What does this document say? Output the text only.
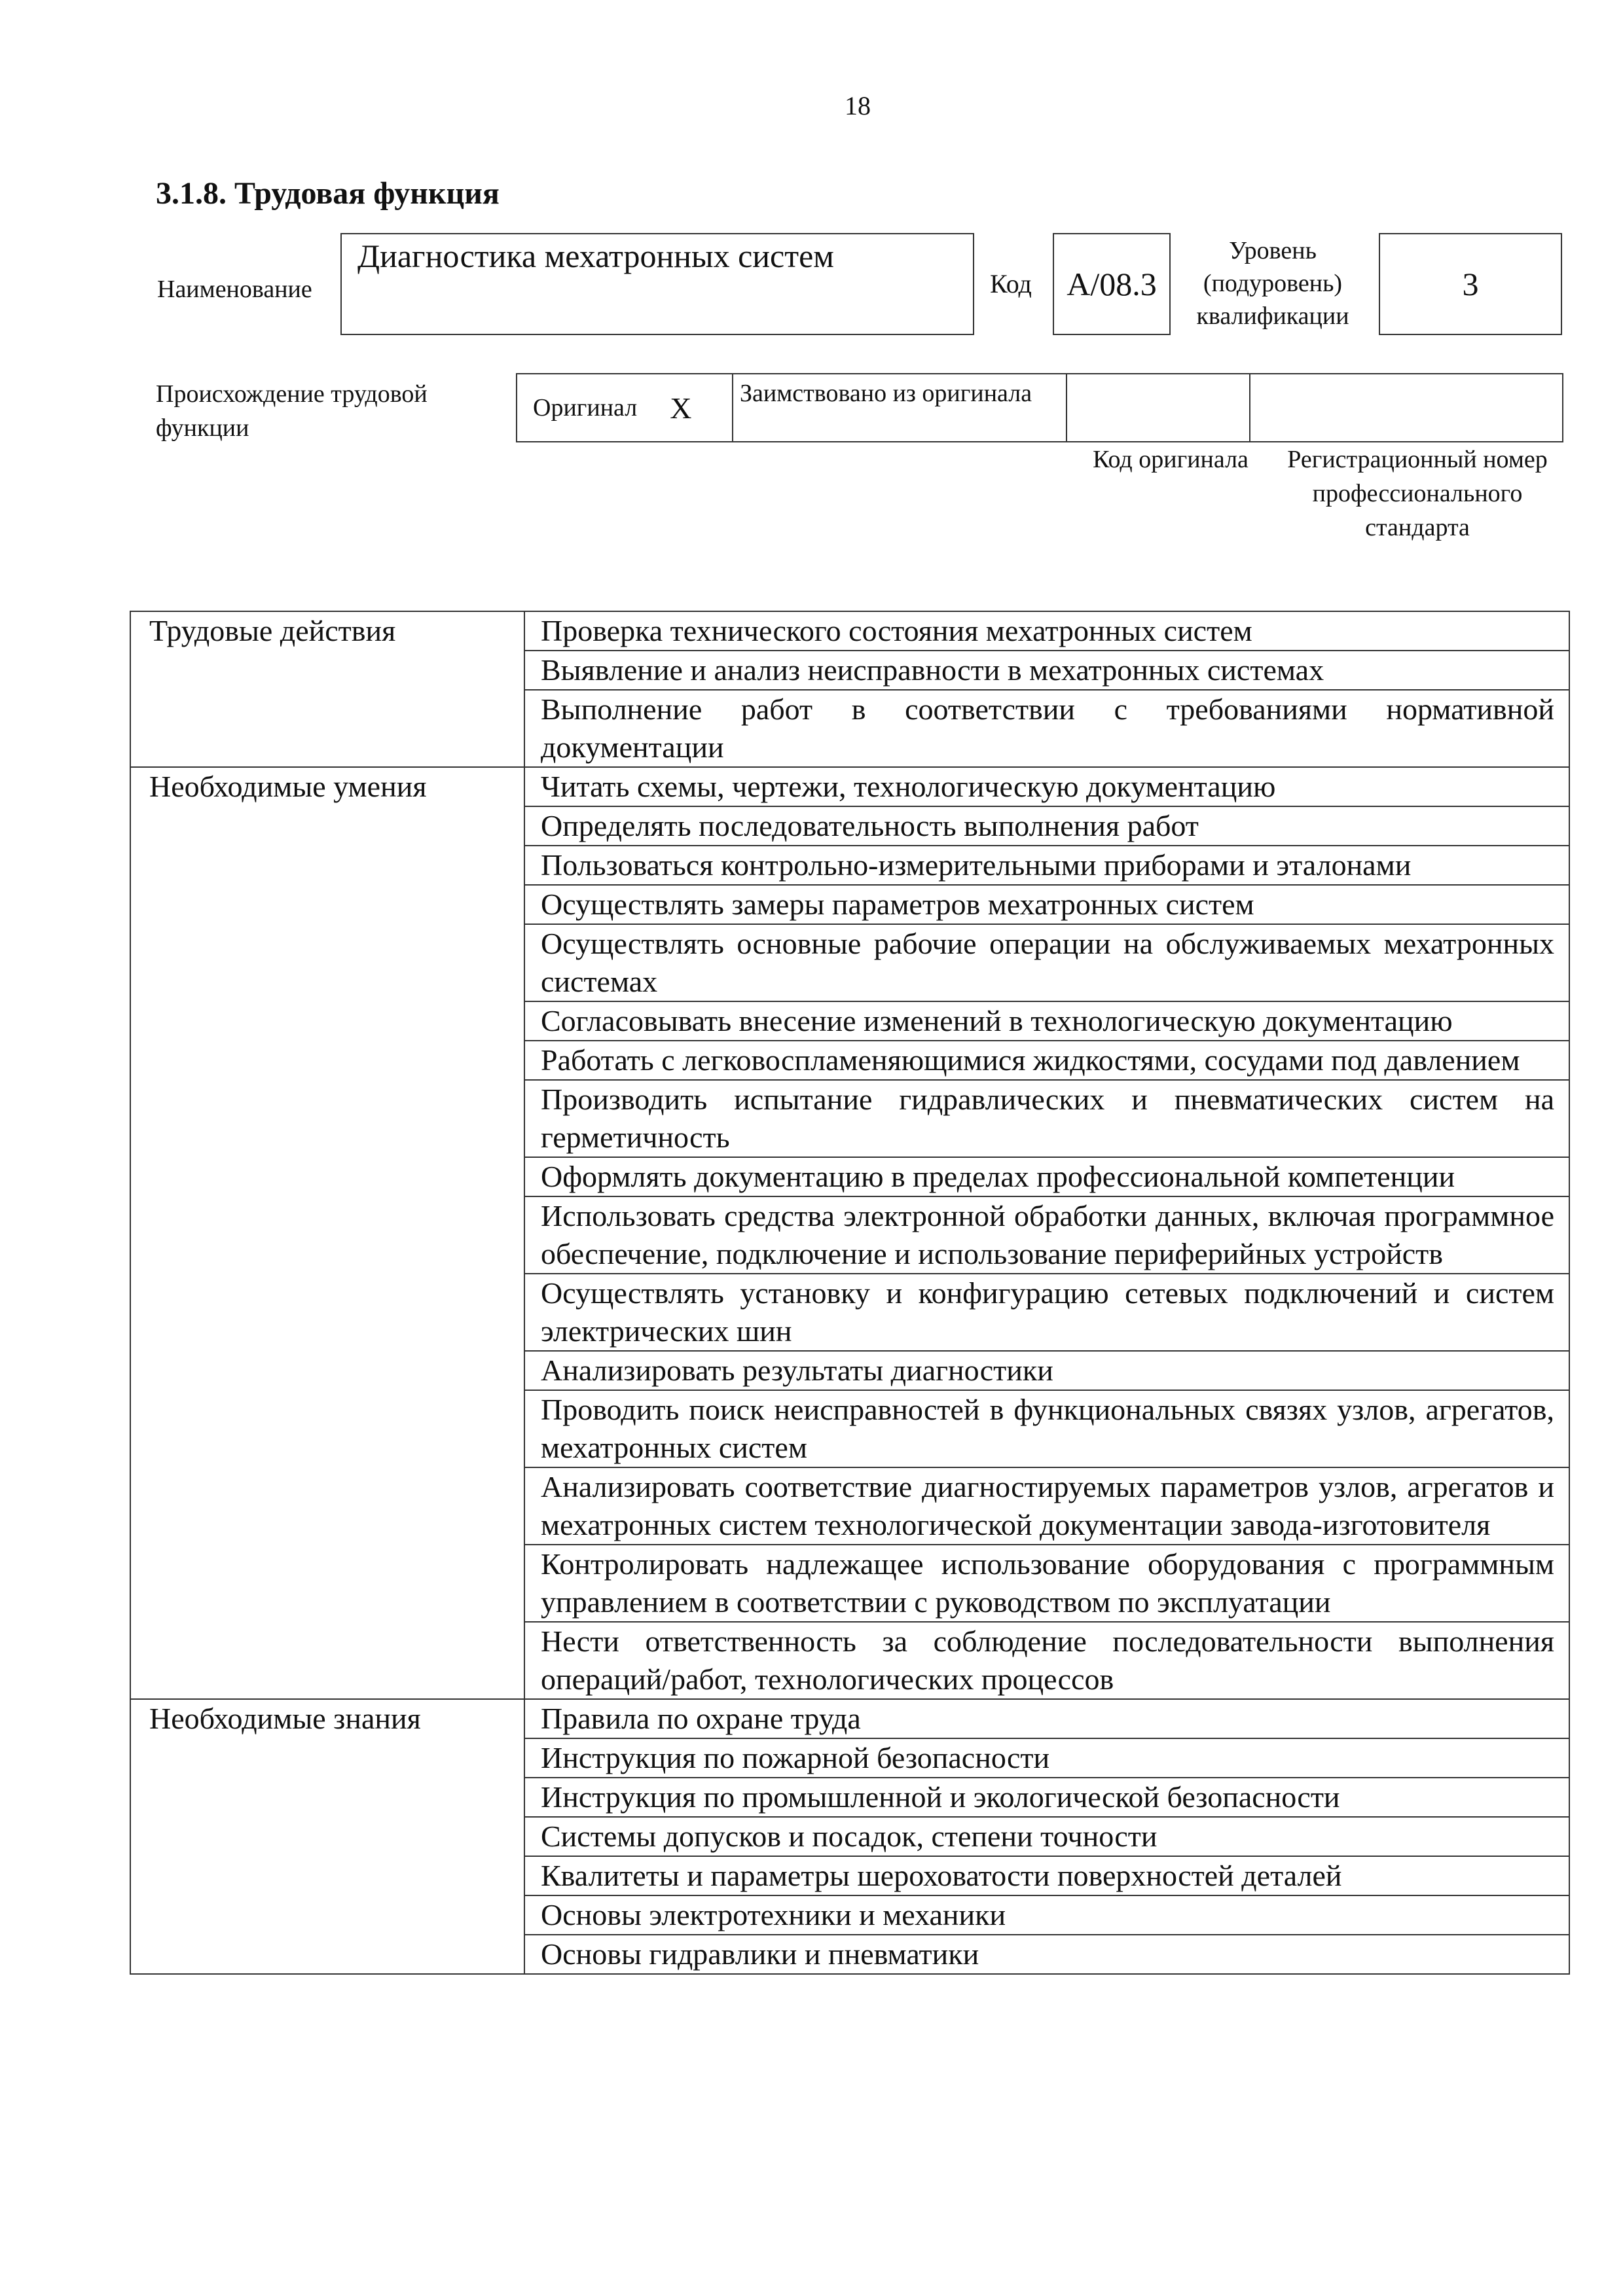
18
3.1.8. Трудовая функция
Наименование
Диагностика мехатронных систем
Код	A/08.3
Уровень (подуровень) квалификации
3
Происхождение трудовой функции
Оригинал X Заимствовано из оригинала
Код оригинала	Регистрационный номер профессионального стандарта
Трудовые действия	Проверка технического состояния мехатронных систем
	Выявление и анализ неисправности в мехатронных системах
	Выполнение работ в соответствии с требованиями нормативной документации
Необходимые умения	Читать схемы, чертежи, технологическую документацию
	Определять последовательность выполнения работ
	Пользоваться контрольно-измерительными приборами и эталонами
	Осуществлять замеры параметров мехатронных систем
	Осуществлять основные рабочие операции на обслуживаемых мехатронных системах
	Согласовывать внесение изменений в технологическую документацию
	Работать с легковоспламеняющимися жидкостями, сосудами под давлением
	Производить испытание гидравлических и пневматических систем на герметичность
	Оформлять документацию в пределах профессиональной компетенции
	Использовать средства электронной обработки данных, включая программное обеспечение, подключение и использование периферийных устройств
	Осуществлять установку и конфигурацию сетевых подключений и систем электрических шин
	Анализировать результаты диагностики
	Проводить поиск неисправностей в функциональных связях узлов, агрегатов, мехатронных систем
	Анализировать соответствие диагностируемых параметров узлов, агрегатов и мехатронных систем технологической документации завода-изготовителя
	Контролировать надлежащее использование оборудования с программным управлением в соответствии с руководством по эксплуатации
	Нести ответственность за соблюдение последовательности выполнения операций/работ, технологических процессов
Необходимые знания	Правила по охране труда
	Инструкция по пожарной безопасности
	Инструкция по промышленной и экологической безопасности
	Системы допусков и посадок, степени точности
	Квалитеты и параметры шероховатости поверхностей деталей
	Основы электротехники и механики
	Основы гидравлики и пневматики
